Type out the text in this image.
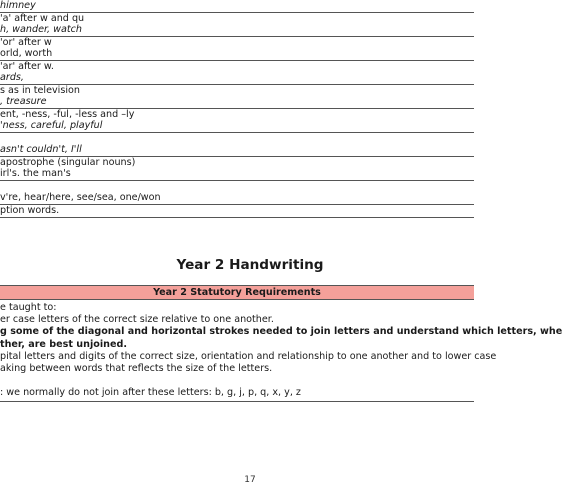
himney
'a' after w and qu
h, wander, watch
'or' after w
orld, worth
'ar' after w.
ards,
s as in television
, treasure
ent, -ness, -ful, -less and –ly
'ness, careful, playful

asn't couldn't, I'll
apostrophe (singular nouns)
irl's. the man's

v're, hear/here, see/sea, one/won
ption words.
Year 2 Handwriting
Year 2 Statutory Requirements
e taught to:
er case letters of the correct size relative to one another.
g some of the diagonal and horizontal strokes needed to join letters and understand which letters, whe
ther, are best unjoined.
pital letters and digits of the correct size, orientation and relationship to one another and to lower case
aking between words that reflects the size of the letters.
: we normally do not join after these letters: b, g, j, p, q, x, y, z
17
